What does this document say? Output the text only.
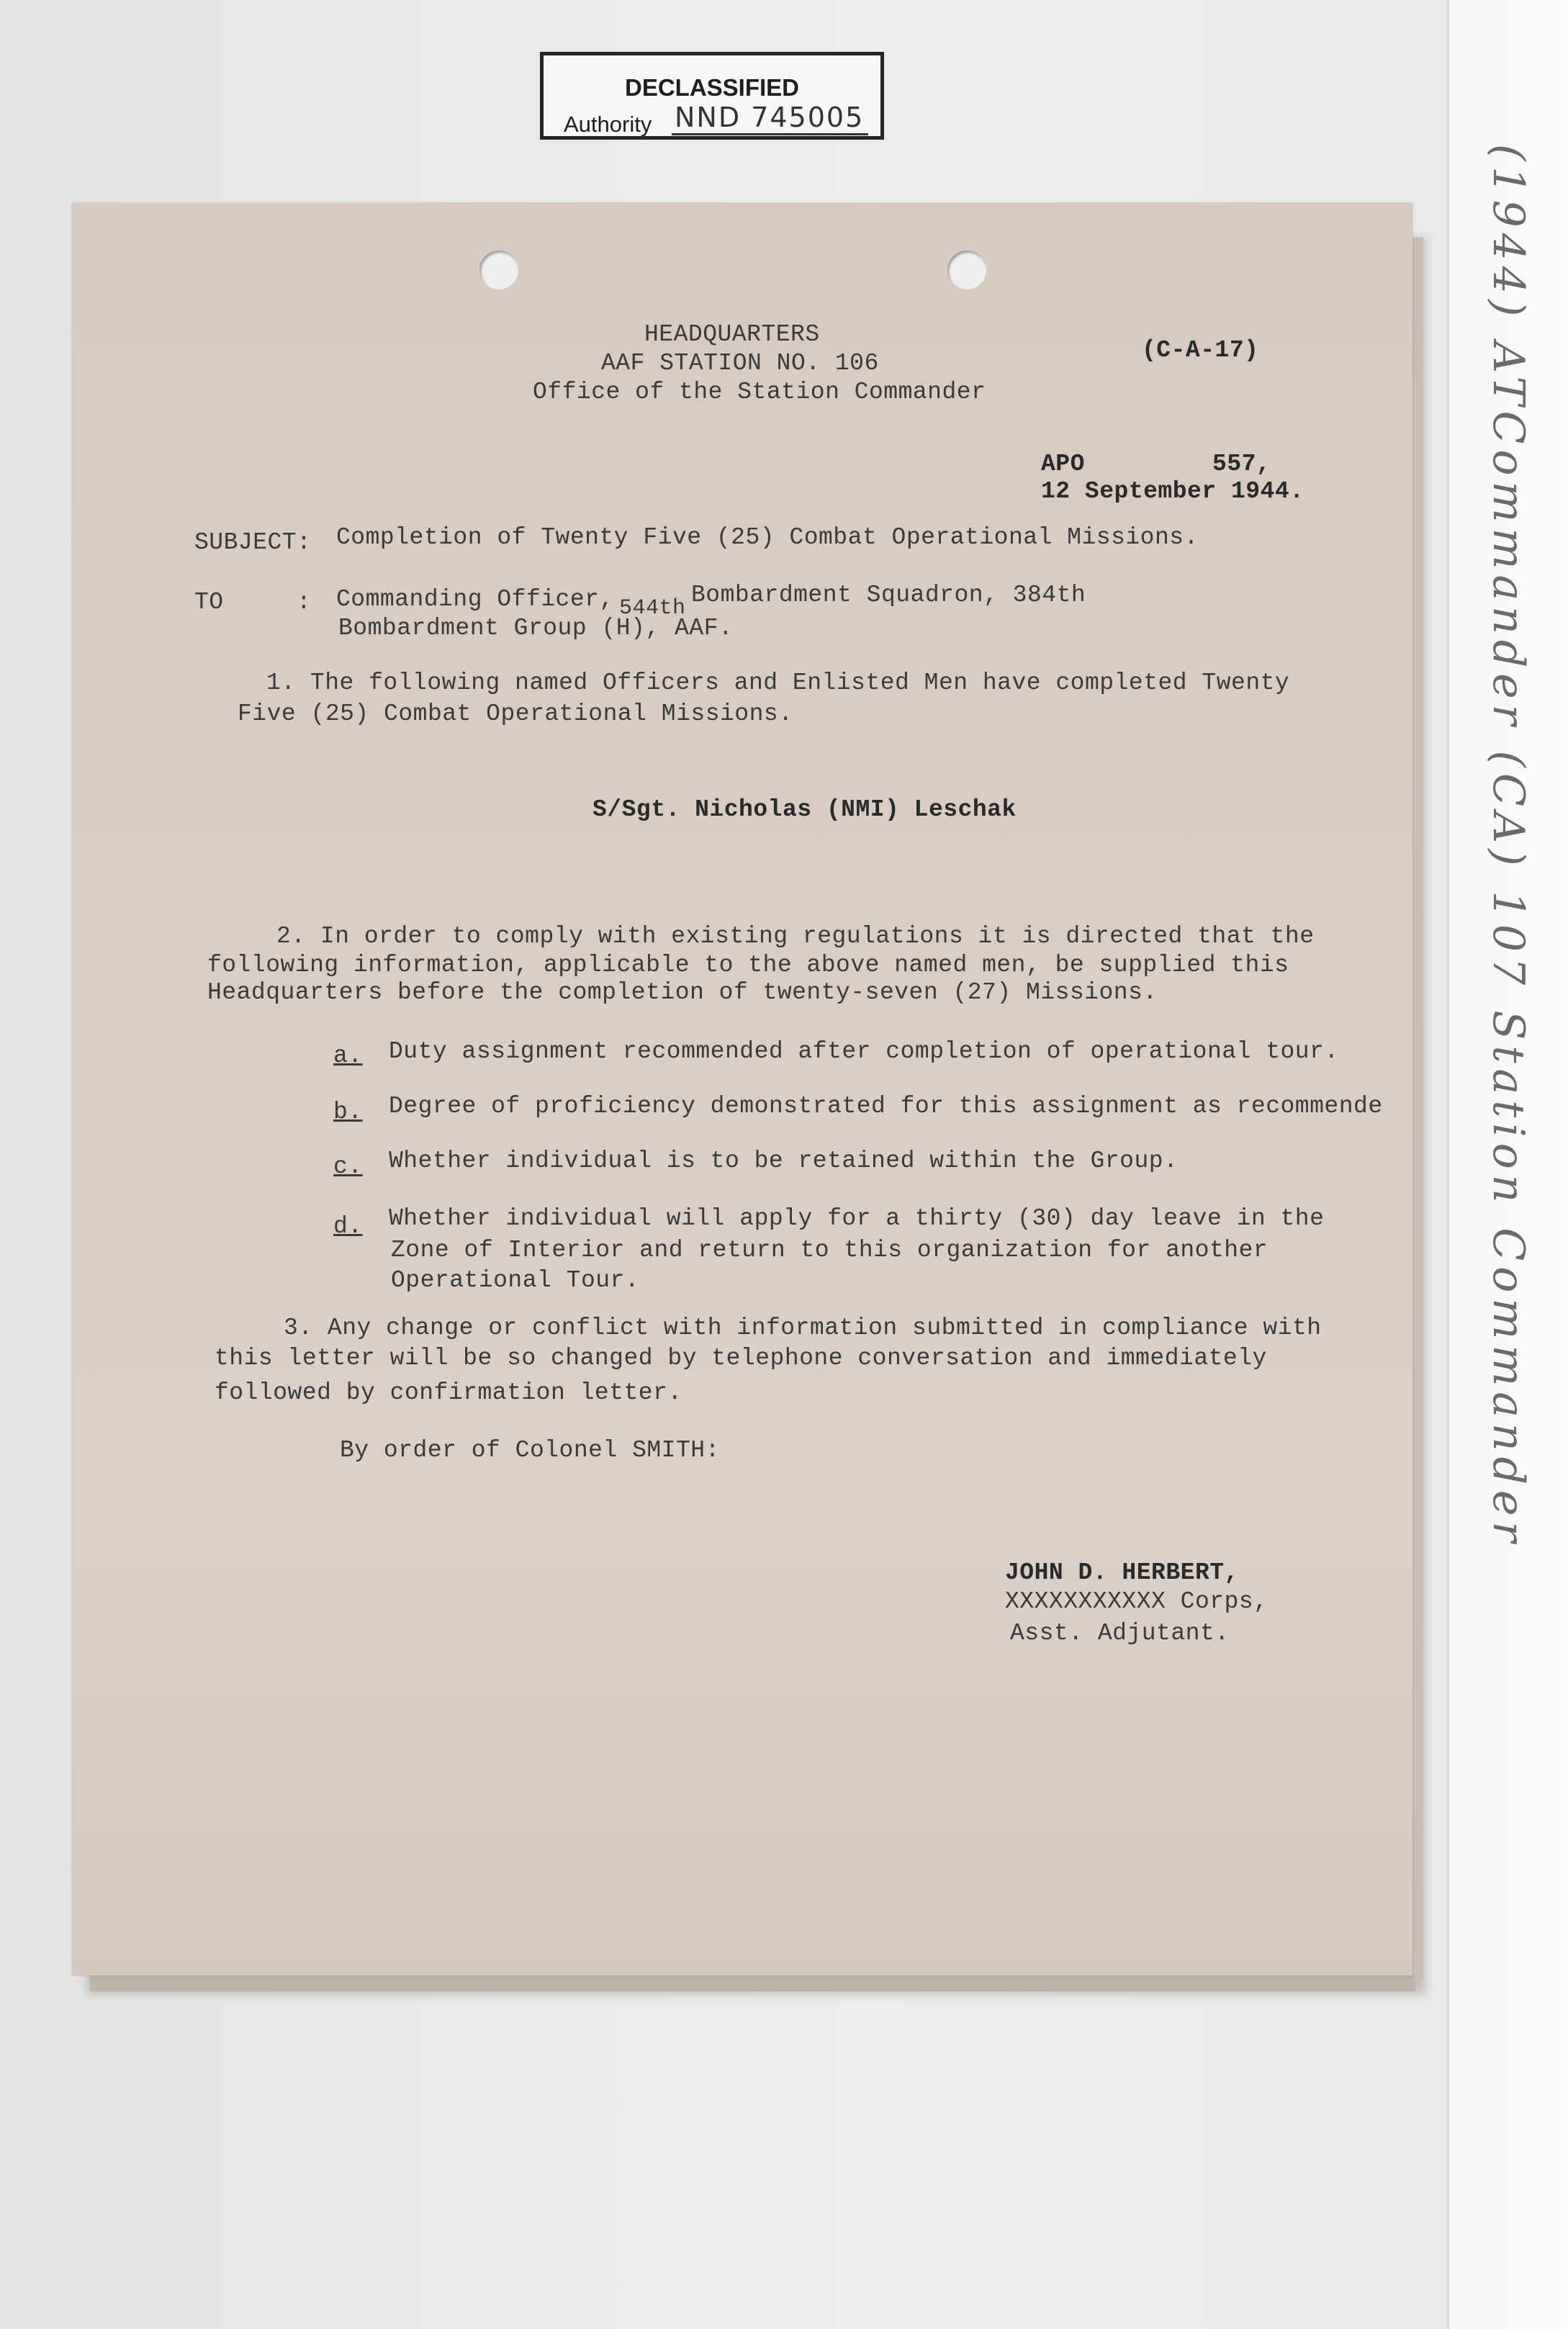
(1944) ATCommander (CA) 107 Station Commander
DECLASSIFIED
Authority NND 745005
HEADQUARTERS
AAF STATION NO. 106
Office of the Station Commander
(C-A-17)
APO	557,
12 September 1944.
SUBJECT: Completion of Twenty Five (25) Combat Operational Missions.
TO	: Commanding Officer, 544th Bombardment Squadron, 384th
Bombardment Group (H), AAF.
1. The following named Officers and Enlisted Men have completed Twenty
Five (25) Combat Operational Missions.
S/Sgt. Nicholas (NMI) Leschak
2. In order to comply with existing regulations it is directed that the
following information, applicable to the above named men, be supplied this
Headquarters before the completion of twenty-seven (27) Missions.
a. Duty assignment recommended after completion of operational tour.
b. Degree of proficiency demonstrated for this assignment as recommende
c. Whether individual is to be retained within the Group.
d. Whether individual will apply for a thirty (30) day leave in the
Zone of Interior and return to this organization for another
Operational Tour.
3. Any change or conflict with information submitted in compliance with
this letter will be so changed by telephone conversation and immediately
followed by confirmation letter.
By order of Colonel SMITH:
JOHN D. HERBERT,
XXXXXXXXXXX Corps,
Asst. Adjutant.
